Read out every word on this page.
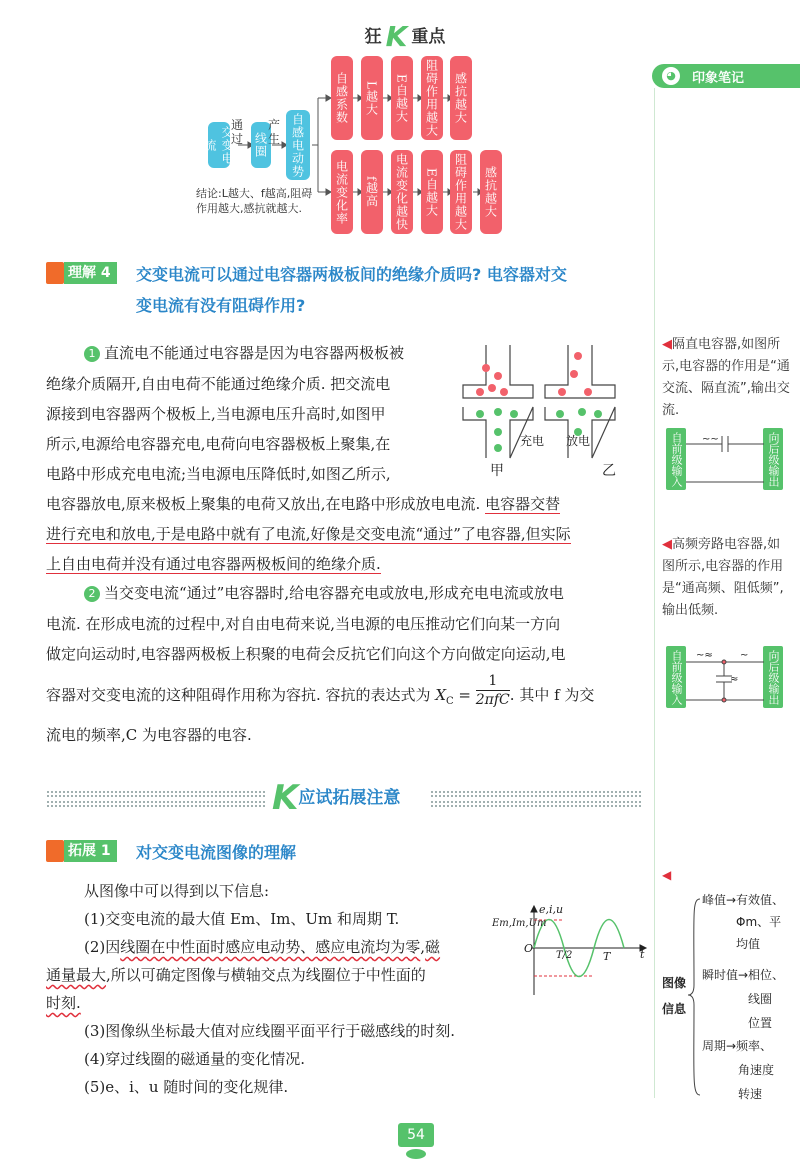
狂 K 重点
◕	印象笔记
交变电流
通过 线圈
产生 自感电动势
自感系数	L越大	E自越大	阻碍作用越大	感抗越大
电流变化率	f越高	电流变化越快	E自越大	阻碍作用越大	感抗越大
结论:L越大、f越高,阻碍作用越大,感抗就越大.
理解 4	交变电流可以通过电容器两极板间的绝缘介质吗? 电容器对交
变电流有没有阻碍作用?
1 直流电不能通过电容器是因为电容器两极板被
绝缘介质隔开,自由电荷不能通过绝缘介质. 把交流电
源接到电容器两个极板上,当电源电压升高时,如图甲
所示,电源给电容器充电,电荷向电容器极板上聚集,在
电路中形成充电电流;当电源电压降低时,如图乙所示,
电容器放电,原来极板上聚集的电荷又放出,在电路中形成放电电流. 电容器交替
进行充电和放电,于是电路中就有了电流,好像是交变电流“通过”了电容器,但实际
上自由电荷并没有通过电容器两极板间的绝缘介质.
充电 放电
甲	乙
2 当交变电流“通过”电容器时,给电容器充电或放电,形成充电电流或放电
电流. 在形成电流的过程中,对自由电荷来说,当电源的电压推动它们向某一方向
做定向运动时,电容器两极板上积聚的电荷会反抗它们向这个方向做定向运动,电
容器对交变电流的这种阻碍作用称为容抗. 容抗的表达式为 $X_C$ =
1
2πfC . 其中 f 为交
流电的频率,C 为电容器的电容.
◀隔直电容器,如图所示,电容器的作用是“通交流、隔直流”,输出交流.
自前级输入	向后级输出
~~
◀高频旁路电容器,如图所示,电容器的作用是“通高频、阻低频”,输出低频.
自前级输入	向后级输出
~≈	~
≈
K应试拓展注意
拓展 1	对交变电流图像的理解
从图像中可以得到以下信息:
(1)交变电流的最大值 Em、Im、Um 和周期 T.
(2)因线圈在中性面时感应电动势、感应电流均为零,磁
通量最大,所以可确定图像与横轴交点为线圈位于中性面的
时刻.
(3)图像纵坐标最大值对应线圈平面平行于磁感线的时刻.
(4)穿过线圈的磁通量的变化情况.
(5)e、i、u 随时间的变化规律.
e,i,u
Em,Im,Um
O	t
T/2	T
◀
图像
信息
峰值→有效值、
Φm、平
均值
瞬时值→相位、
线圈
位置
周期→频率、
角速度
转速
54
